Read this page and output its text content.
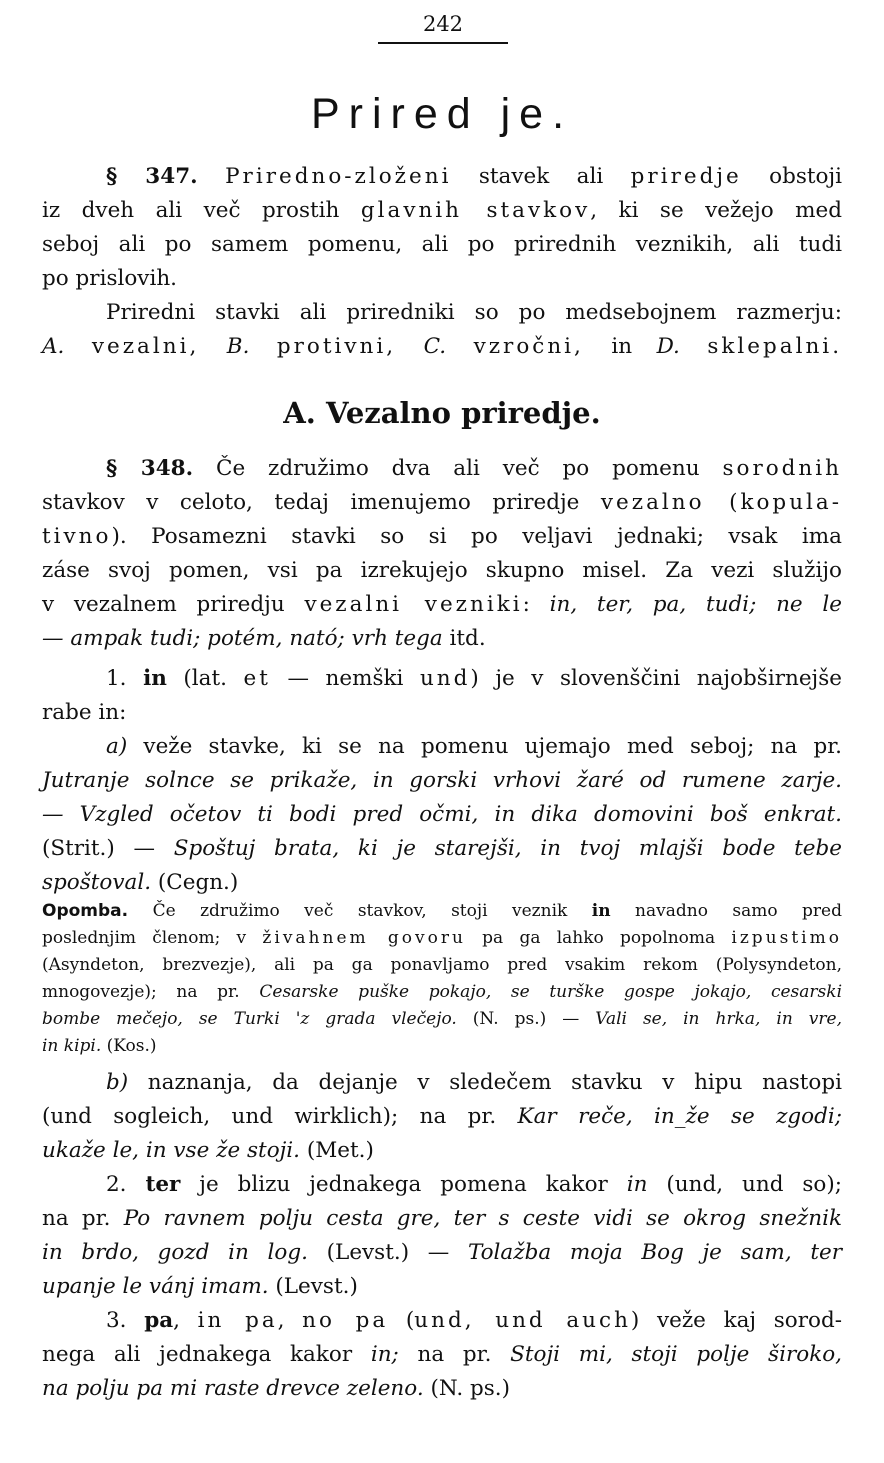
242
Prired je.
§ 347. Priredno-zloženi stavek ali priredje obstoji
iz dveh ali več prostih glavnih stavkov, ki se vežejo med
seboj ali po samem pomenu, ali po prirednih veznikih, ali tudi
po prislovih.
Priredni stavki ali priredniki so po medsebojnem razmerju:
A. vezalni, B. protivni, C. vzročni, in D. sklepalni.
A. Vezalno priredje.
§ 348. Če združimo dva ali več po pomenu sorodnih
stavkov v celoto, tedaj imenujemo priredje vezalno (kopula-
tivno). Posamezni stavki so si po veljavi jednaki; vsak ima
záse svoj pomen, vsi pa izrekujejo skupno misel. Za vezi služijo
v vezalnem priredju vezalni vezniki: in, ter, pa, tudi; ne le
— ampak tudi; potém, nató; vrh tega itd.
1. in (lat. et — nemški und) je v slovenščini najobširnejše
rabe in:
a) veže stavke, ki se na pomenu ujemajo med seboj; na pr.
Jutranje solnce se prikaže, in gorski vrhovi žaré od rumene zarje.
— Vzgled očetov ti bodi pred očmi, in dika domovini boš enkrat.
(Strit.) — Spoštuj brata, ki je starejši, in tvoj mlajši bode tebe
spoštoval. (Cegn.)
Opomba. Če združimo več stavkov, stoji veznik in navadno samo pred
poslednjim členom; v živahnem govoru pa ga lahko popolnoma izpustimo
(Asyndeton, brezvezje), ali pa ga ponavljamo pred vsakim rekom (Polysyndeton,
mnogovezje); na pr. Cesarske puške pokajo, se turške gospe jokajo, cesarski
bombe mečejo, se Turki 'z grada vlečejo. (N. ps.) — Vali se, in hrka, in vre,
in kipi. (Kos.)
b) naznanja, da dejanje v sledečem stavku v hipu nastopi
(und sogleich, und wirklich); na pr. Kar reče, in_že se zgodi;
ukaže le, in vse že stoji. (Met.)
2. ter je blizu jednakega pomena kakor in (und, und so);
na pr. Po ravnem polju cesta gre, ter s ceste vidi se okrog snežnik
in brdo, gozd in log. (Levst.) — Tolažba moja Bog je sam, ter
upanje le vánj imam. (Levst.)
3. pa, in pa, no pa (und, und auch) veže kaj sorod-
nega ali jednakega kakor in; na pr. Stoji mi, stoji polje široko,
na polju pa mi raste drevce zeleno. (N. ps.)
